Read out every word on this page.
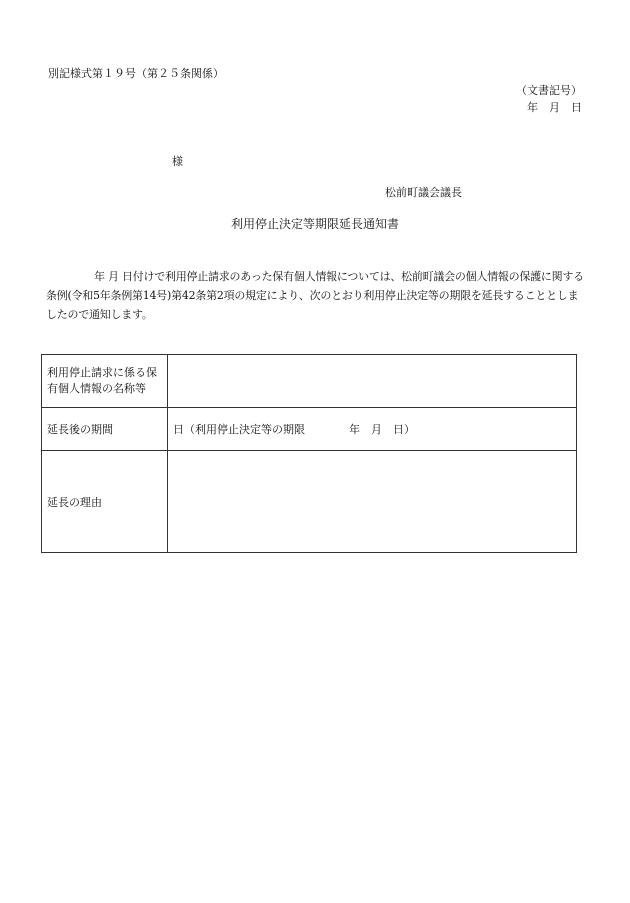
別記様式第１９号（第２５条関係）
（文書記号）
年　月　日
様
松前町議会議長
利用停止決定等期限延長通知書
年 月 日付けで利用停止請求のあった保有個人情報については、松前町議会の個人情報の保護に関する条例(令和5年条例第14号)第42条第2項の規定により、次のとおり利用停止決定等の期限を延長することとしましたので通知します。
利用停止請求に係る保有個人情報の名称等	
延長後の期間	日（利用停止決定等の期限　　　　年　月　日）
延長の理由	
